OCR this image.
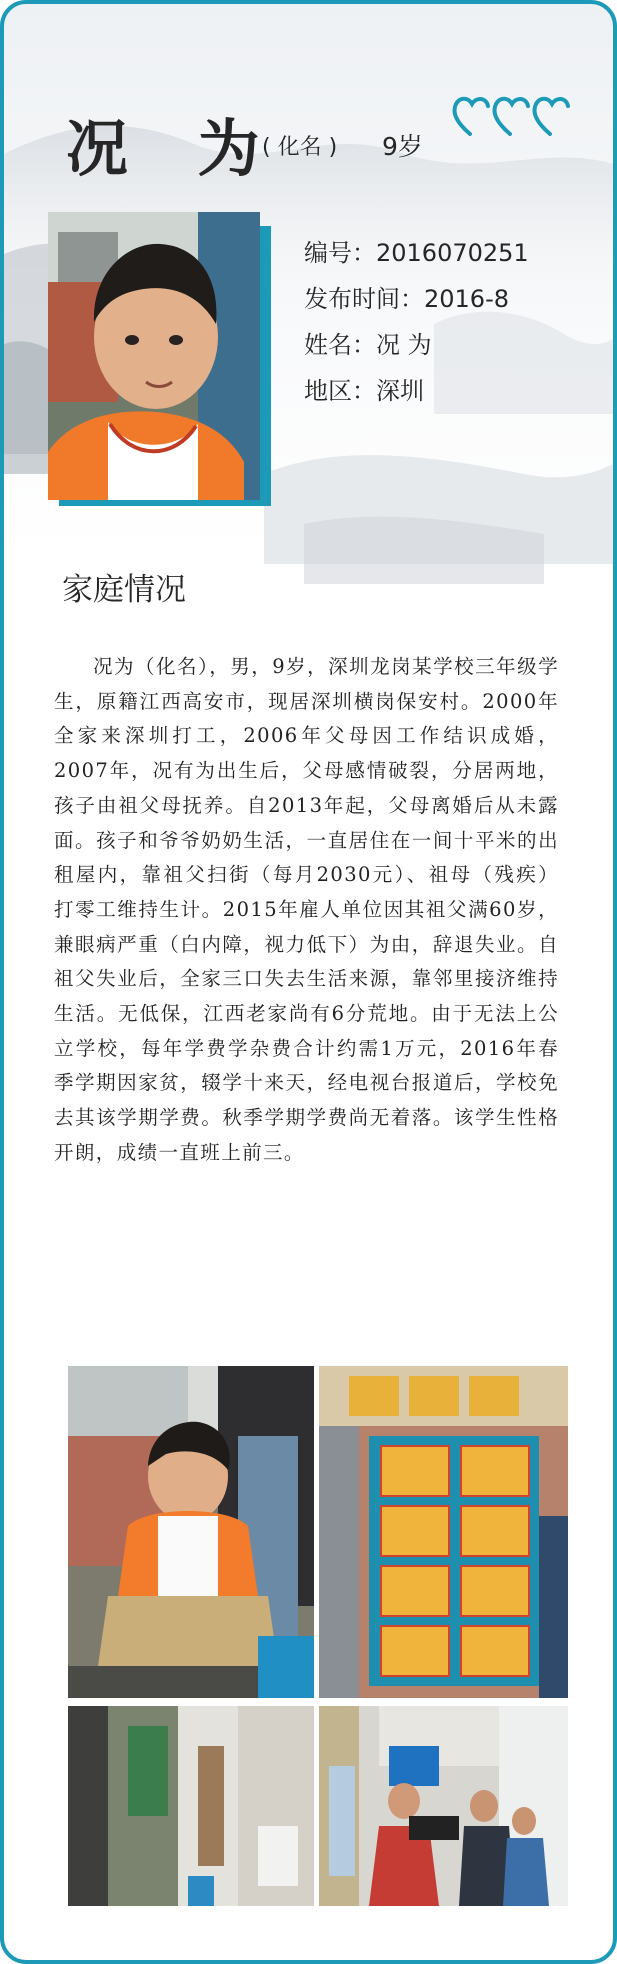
况 为
( 化名 ) 9岁
编号：2016070251
发布时间：2016-8
姓名：况 为
地区：深圳
家庭情况
况为（化名），男，9岁，深圳龙岗某学校三年级学生，原籍江西高安市，现居深圳横岗保安村。2000年全家来深圳打工，2006年父母因工作结识成婚，2007年，况有为出生后，父母感情破裂，分居两地，孩子由祖父母抚养。自2013年起，父母离婚后从未露面。孩子和爷爷奶奶生活，一直居住在一间十平米的出租屋内，靠祖父扫街（每月2030元）、祖母（残疾）打零工维持生计。2015年雇人单位因其祖父满60岁，兼眼病严重（白内障，视力低下）为由，辞退失业。自祖父失业后，全家三口失去生活来源，靠邻里接济维持生活。无低保，江西老家尚有6分荒地。由于无法上公立学校，每年学费学杂费合计约需1万元，2016年春季学期因家贫，辍学十来天，经电视台报道后，学校免去其该学期学费。秋季学期学费尚无着落。该学生性格开朗，成绩一直班上前三。
